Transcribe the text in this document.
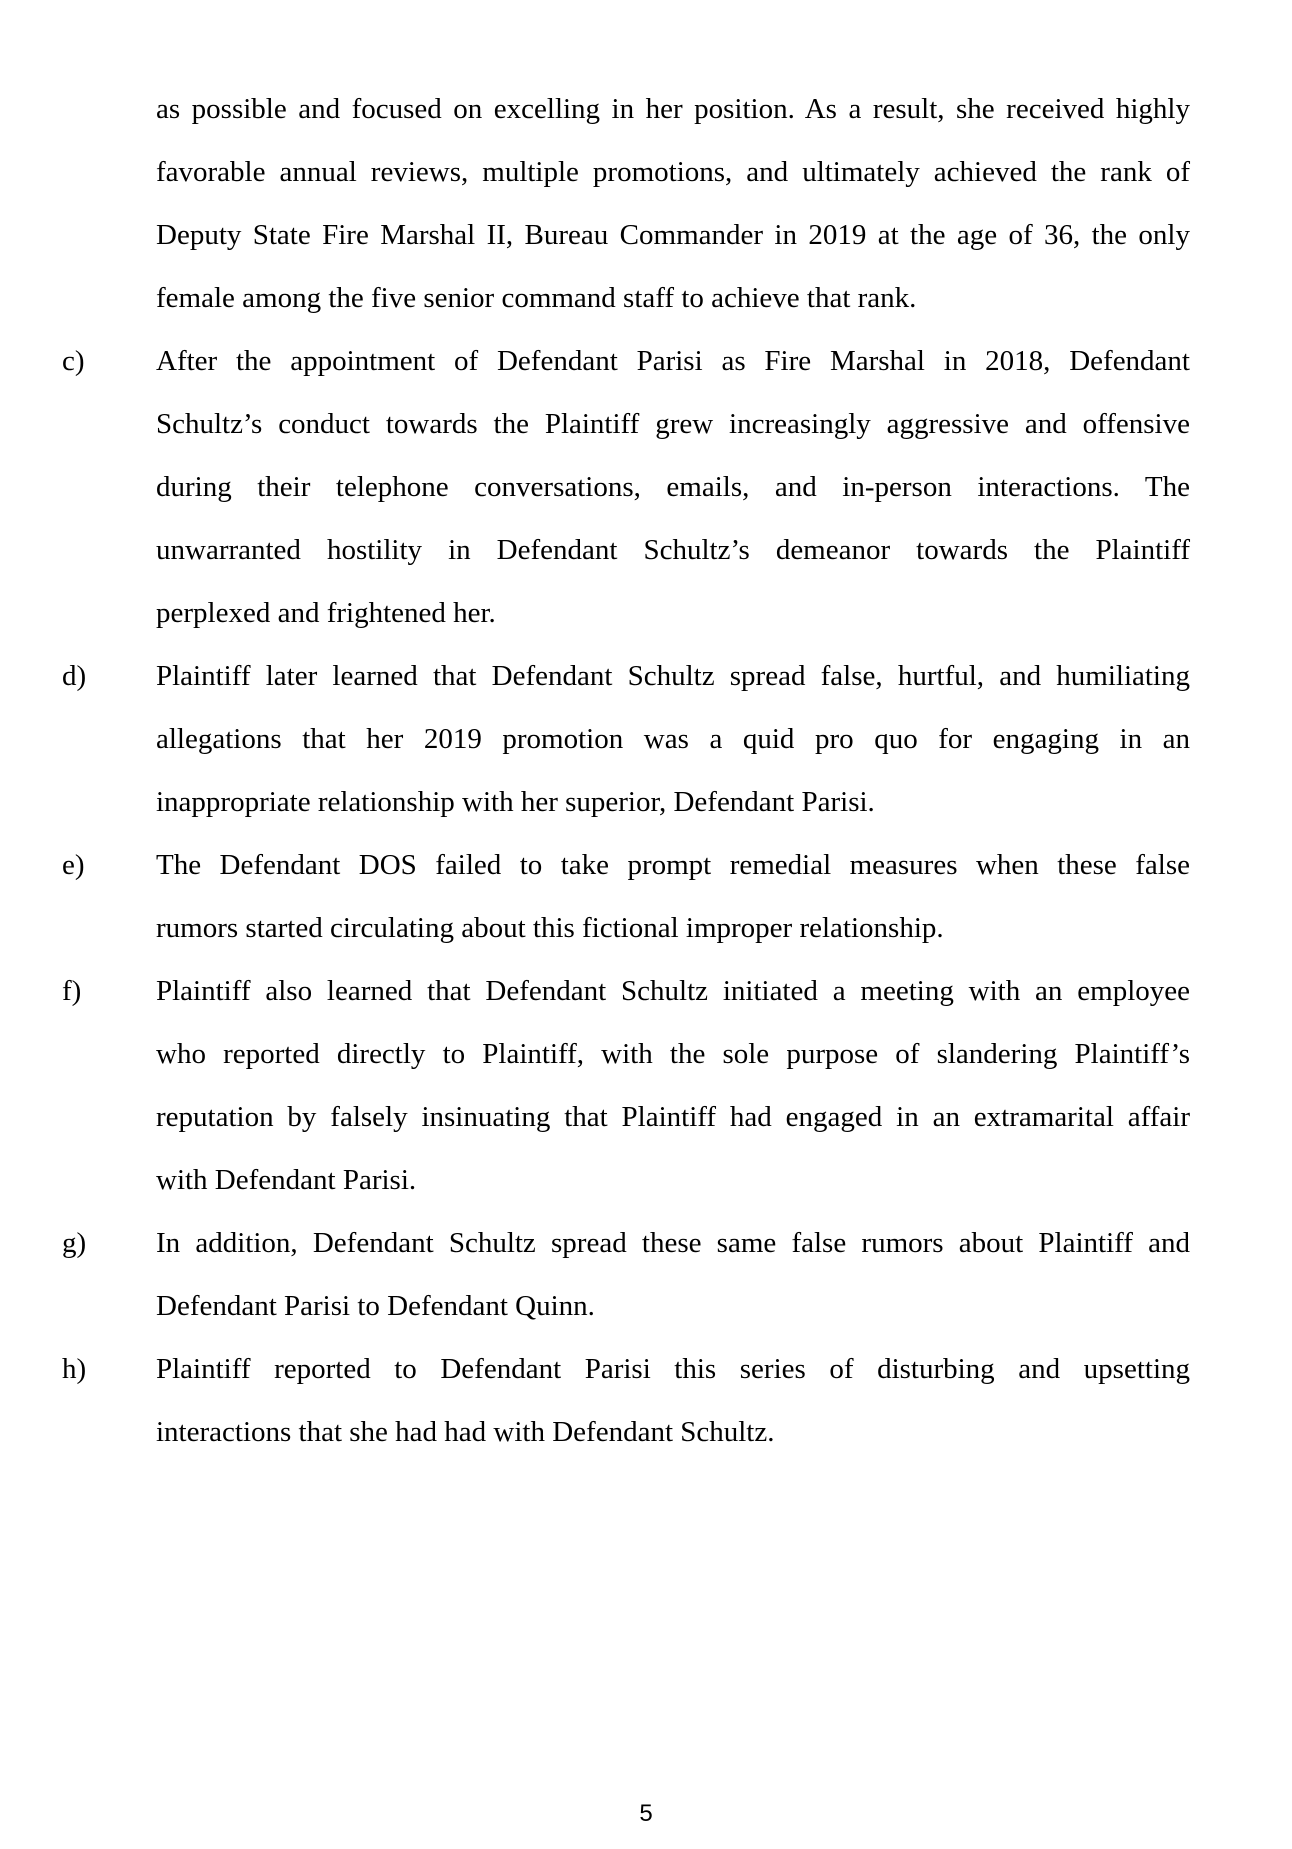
as possible and focused on excelling in her position. As a result, she received highly
favorable annual reviews, multiple promotions, and ultimately achieved the rank of
Deputy State Fire Marshal II, Bureau Commander in 2019 at the age of 36, the only
female among the five senior command staff to achieve that rank.
c) After the appointment of Defendant Parisi as Fire Marshal in 2018, Defendant
Schultz’s conduct towards the Plaintiff grew increasingly aggressive and offensive
during their telephone conversations, emails, and in-person interactions. The
unwarranted hostility in Defendant Schultz’s demeanor towards the Plaintiff
perplexed and frightened her.
d) Plaintiff later learned that Defendant Schultz spread false, hurtful, and humiliating
allegations that her 2019 promotion was a quid pro quo for engaging in an
inappropriate relationship with her superior, Defendant Parisi.
e) The Defendant DOS failed to take prompt remedial measures when these false
rumors started circulating about this fictional improper relationship.
f)	Plaintiff also learned that Defendant Schultz initiated a meeting with an employee
who reported directly to Plaintiff, with the sole purpose of slandering Plaintiff’s
reputation by falsely insinuating that Plaintiff had engaged in an extramarital affair
with Defendant Parisi.
g) In addition, Defendant Schultz spread these same false rumors about Plaintiff and
Defendant Parisi to Defendant Quinn.
h) Plaintiff reported to Defendant Parisi this series of disturbing and upsetting
interactions that she had had with Defendant Schultz.
5
